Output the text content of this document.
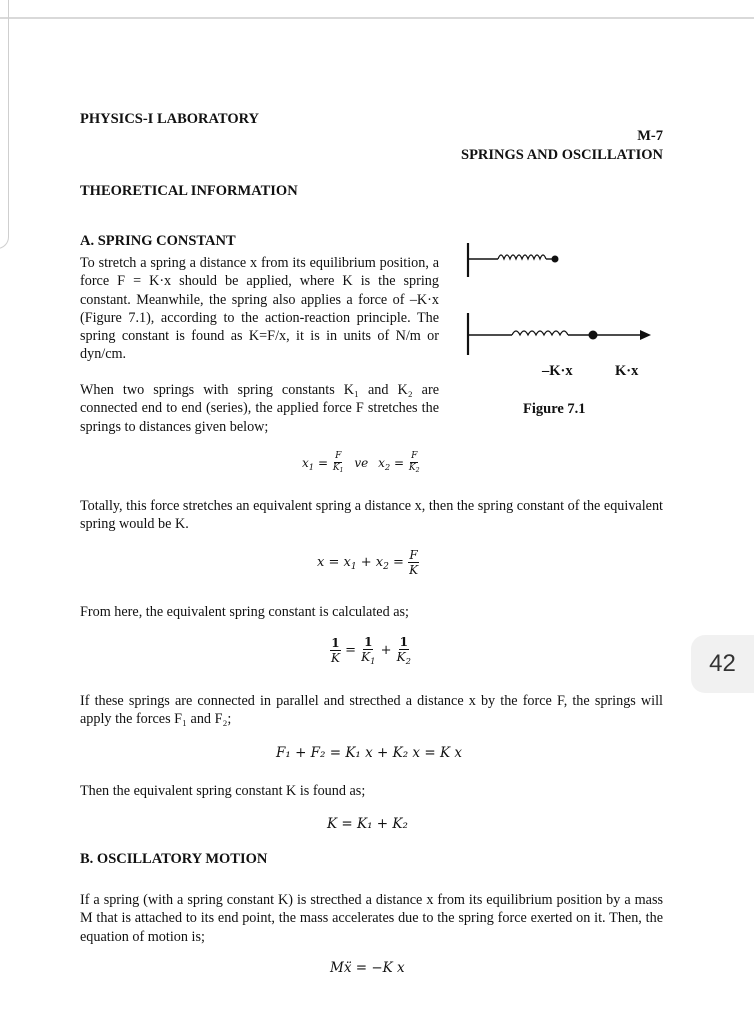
PHYSICS-I LABORATORY
M-7
SPRINGS AND OSCILLATION
THEORETICAL INFORMATION
A. SPRING CONSTANT
To stretch a spring a distance x from its equilibrium position, a force F = K·x should be applied, where K is the spring constant. Meanwhile, the spring also applies a force of –K·x (Figure 7.1), according to the action-reaction principle. The spring constant is found as K=F/x, it is in units of N/m or dyn/cm.
When two springs with spring constants K₁ and K₂ are connected end to end (series), the applied force F stretches the springs to distances given below;
–K·x	K·x
Figure 7.1
$x_1 = \frac{F}{K_1}$ ve $x_2 = \frac{F}{K_2}$
Totally, this force stretches an equivalent spring a distance x, then the spring constant of the equivalent spring would be K.
$x = x_1 + x_2 = \frac{F}{K}$
From here, the equivalent spring constant is calculated as;
$\frac{1}{K} = \frac{1}{K_1} + \frac{1}{K_2}$
If these springs are connected in parallel and strecthed a distance x by the force F, the springs will apply the forces F₁ and F₂;
F₁ + F₂ = K₁ x + K₂ x = K x
Then the equivalent spring constant K is found as;
K = K₁ + K₂
B. OSCILLATORY MOTION
If a spring (with a spring constant K) is strecthed a distance x from its equilibrium position by a mass M that is attached to its end point, the mass accelerates due to the spring force exerted on it. Then, the equation of motion is;
Mẍ = −K x
42
